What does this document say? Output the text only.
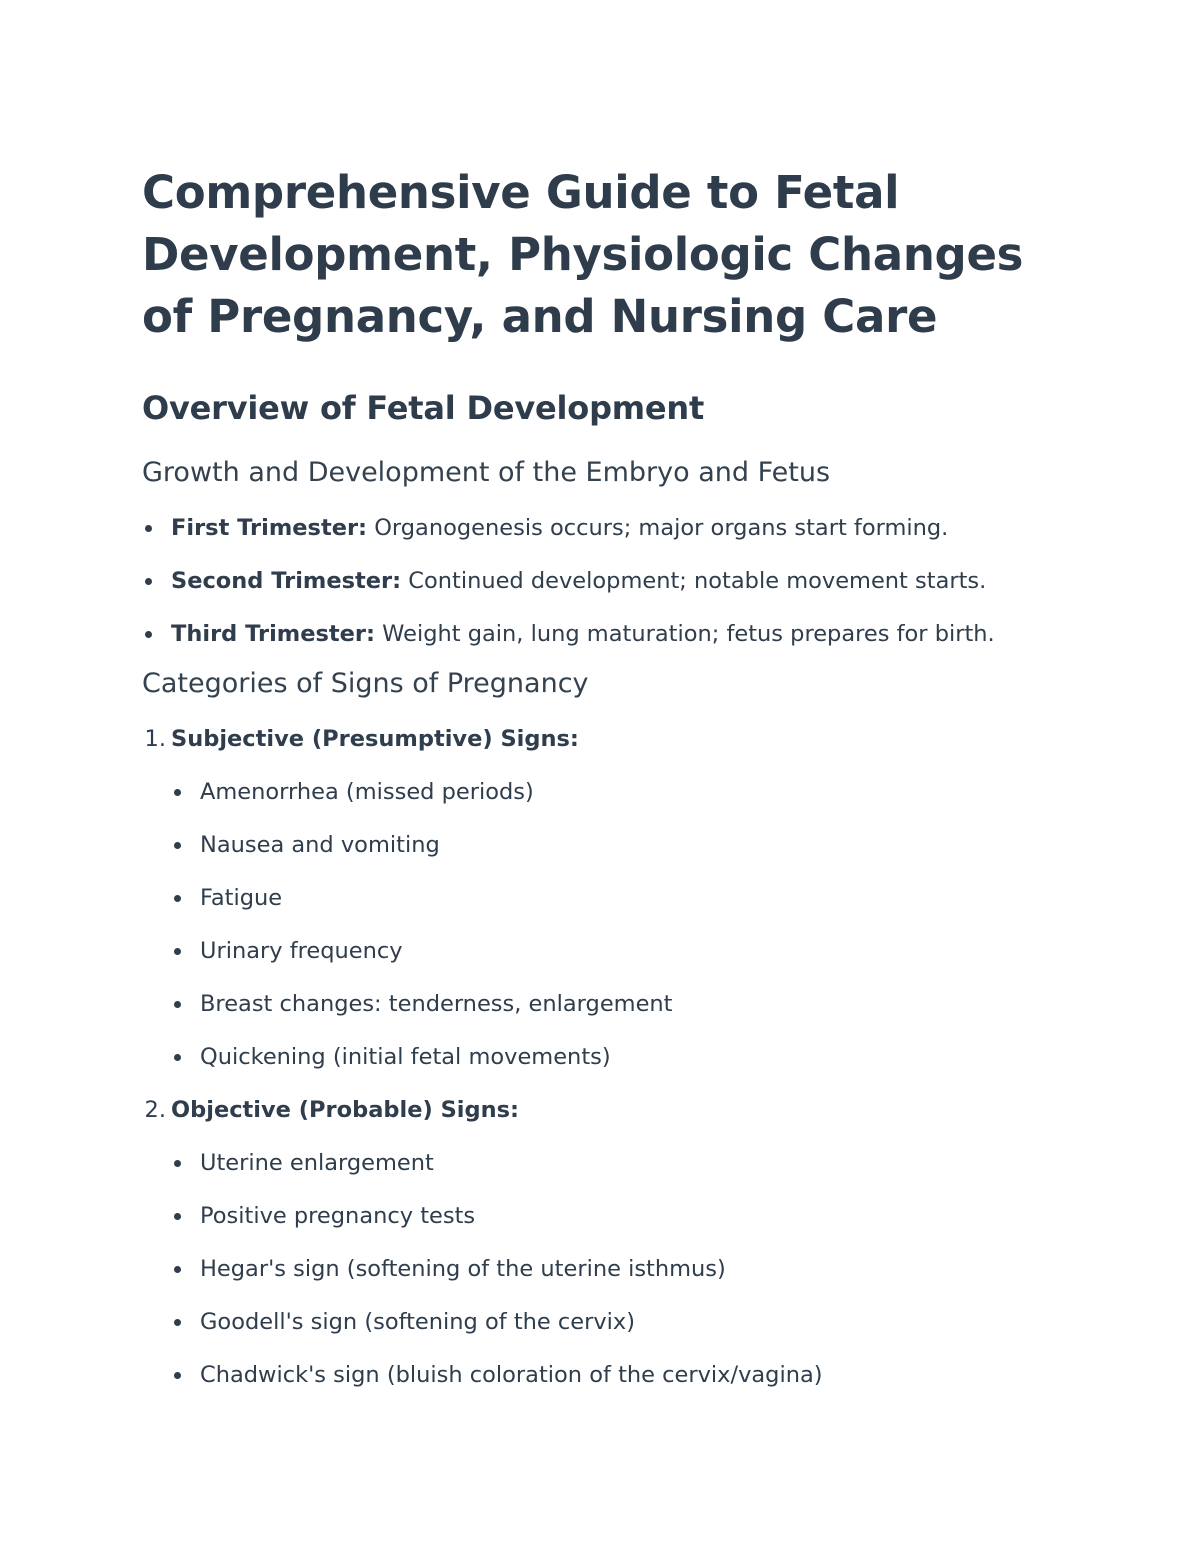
Comprehensive Guide to Fetal Development, Physiologic Changes of Pregnancy, and Nursing Care
Overview of Fetal Development
Growth and Development of the Embryo and Fetus
First Trimester: Organogenesis occurs; major organs start forming.
Second Trimester: Continued development; notable movement starts.
Third Trimester: Weight gain, lung maturation; fetus prepares for birth.
Categories of Signs of Pregnancy
1. Subjective (Presumptive) Signs:
Amenorrhea (missed periods)
Nausea and vomiting
Fatigue
Urinary frequency
Breast changes: tenderness, enlargement
Quickening (initial fetal movements)
2. Objective (Probable) Signs:
Uterine enlargement
Positive pregnancy tests
Hegar's sign (softening of the uterine isthmus)
Goodell's sign (softening of the cervix)
Chadwick's sign (bluish coloration of the cervix/vagina)
